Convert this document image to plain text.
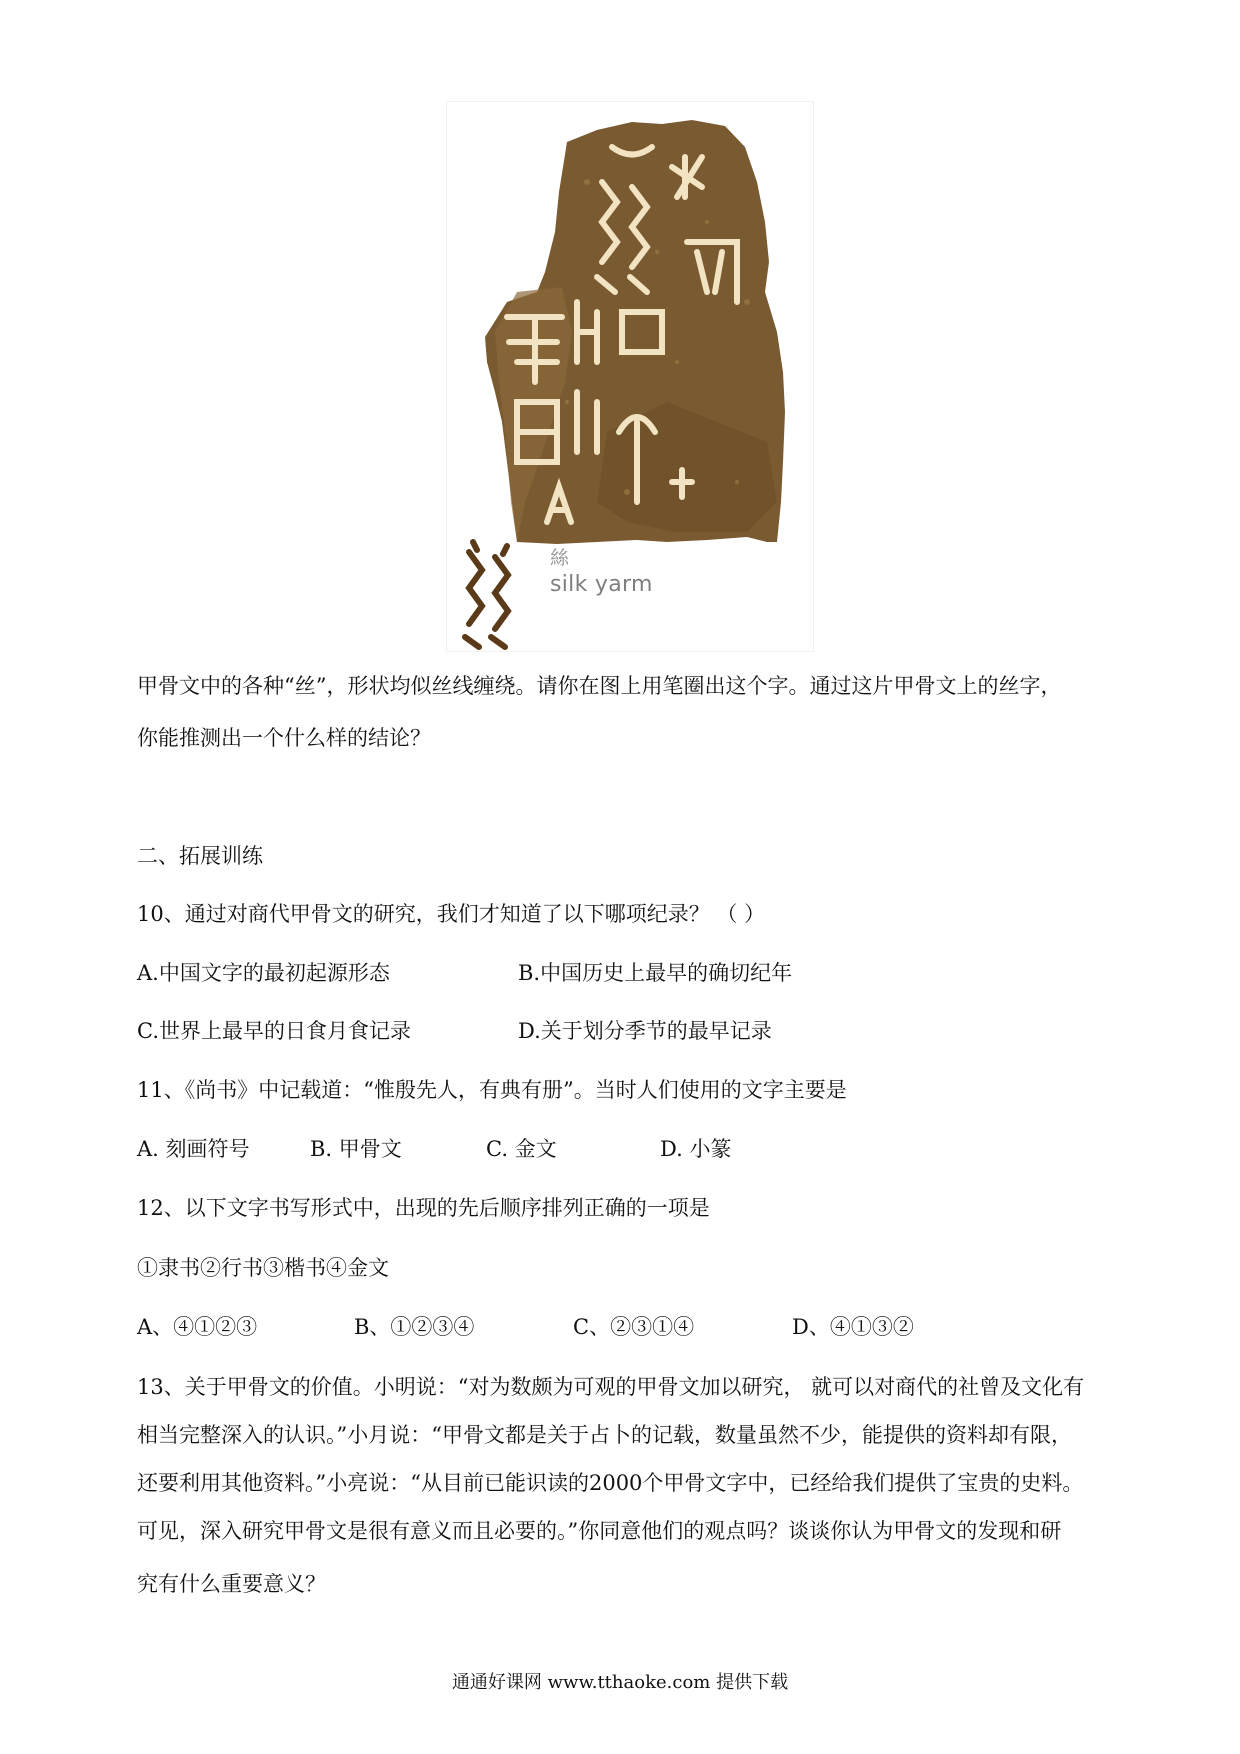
絲
silk yarm
甲骨文中的各种“丝”，形状均似丝线缠绕。请你在图上用笔圈出这个字。通过这片甲骨文上的丝字，
你能推测出一个什么样的结论？
二、拓展训练
10、通过对商代甲骨文的研究，我们才知道了以下哪项纪录？ （ ）
A.中国文字的最初起源形态	B.中国历史上最早的确切纪年
C.世界上最早的日食月食记录	D.关于划分季节的最早记录
11、《尚书》中记载道：“惟殷先人，有典有册”。当时人们使用的文字主要是
A. 刻画符号	B. 甲骨文	C. 金文	D. 小篆
12、以下文字书写形式中，出现的先后顺序排列正确的一项是
①隶书②行书③楷书④金文
A、④①②③	B、①②③④	C、②③①④	D、④①③②
13、关于甲骨文的价值。小明说：“对为数颇为可观的甲骨文加以研究， 就可以对商代的社曾及文化有
相当完整深入的认识。”小月说：“甲骨文都是关于占卜的记载，数量虽然不少，能提供的资料却有限，
还要利用其他资料。”小亮说：“从目前已能识读的2000个甲骨文字中，已经给我们提供了宝贵的史料。
可见，深入研究甲骨文是很有意义而且必要的。”你同意他们的观点吗？谈谈你认为甲骨文的发现和研
究有什么重要意义？
通通好课网 www.tthaoke.com 提供下载
